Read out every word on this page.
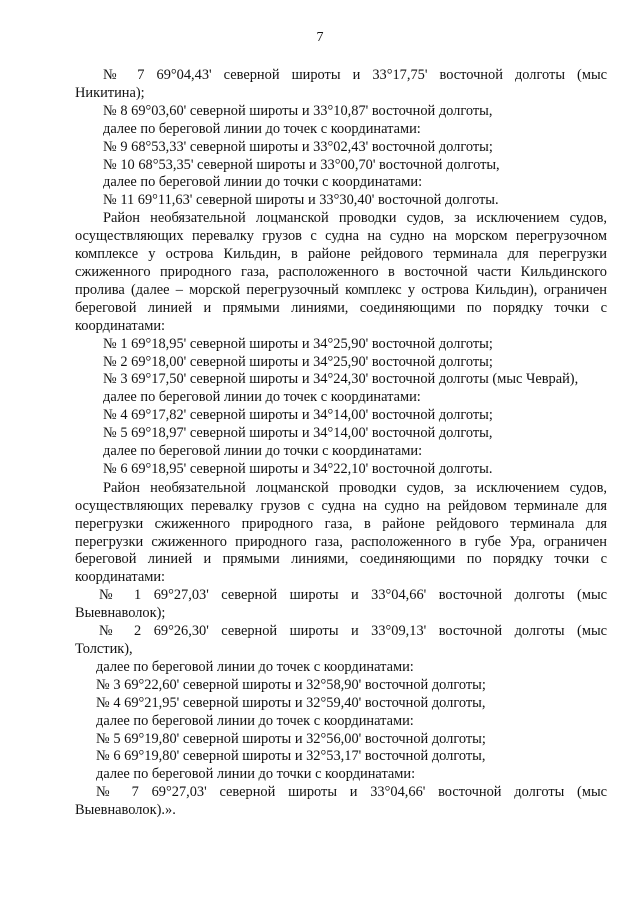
7
№ 7 69°04,43' северной широты и 33°17,75' восточной долготы (мыс
Никитина);
№ 8 69°03,60' северной широты и 33°10,87' восточной долготы,
далее по береговой линии до точек с координатами:
№ 9 68°53,33' северной широты и 33°02,43' восточной долготы;
№ 10 68°53,35' северной широты и 33°00,70' восточной долготы,
далее по береговой линии до точки с координатами:
№ 11 69°11,63' северной широты и 33°30,40' восточной долготы.
Район необязательной лоцманской проводки судов, за исключением судов,
осуществляющих перевалку грузов с судна на судно на морском перегрузочном
комплексе у острова Кильдин, в районе рейдового терминала для перегрузки
сжиженного природного газа, расположенного в восточной части Кильдинского
пролива (далее – морской перегрузочный комплекс у острова Кильдин), ограничен
береговой линией и прямыми линиями, соединяющими по порядку точки с
координатами:
№ 1 69°18,95' северной широты и 34°25,90' восточной долготы;
№ 2 69°18,00' северной широты и 34°25,90' восточной долготы;
№ 3 69°17,50' северной широты и 34°24,30' восточной долготы (мыс Чеврай),
далее по береговой линии до точек с координатами:
№ 4 69°17,82' северной широты и 34°14,00' восточной долготы;
№ 5 69°18,97' северной широты и 34°14,00' восточной долготы,
далее по береговой линии до точки с координатами:
№ 6 69°18,95' северной широты и 34°22,10' восточной долготы.
Район необязательной лоцманской проводки судов, за исключением судов,
осуществляющих перевалку грузов с судна на судно на рейдовом терминале для
перегрузки сжиженного природного газа, в районе рейдового терминала для
перегрузки сжиженного природного газа, расположенного в губе Ура, ограничен
береговой линией и прямыми линиями, соединяющими по порядку точки с
координатами:
№ 1 69°27,03' северной широты и 33°04,66' восточной долготы (мыс
Выевнаволок);
№ 2 69°26,30' северной широты и 33°09,13' восточной долготы (мыс
Толстик),
далее по береговой линии до точек с координатами:
№ 3 69°22,60' северной широты и 32°58,90' восточной долготы;
№ 4 69°21,95' северной широты и 32°59,40' восточной долготы,
далее по береговой линии до точек с координатами:
№ 5 69°19,80' северной широты и 32°56,00' восточной долготы;
№ 6 69°19,80' северной широты и 32°53,17' восточной долготы,
далее по береговой линии до точки с координатами:
№ 7 69°27,03' северной широты и 33°04,66' восточной долготы (мыс
Выевнаволок).».
